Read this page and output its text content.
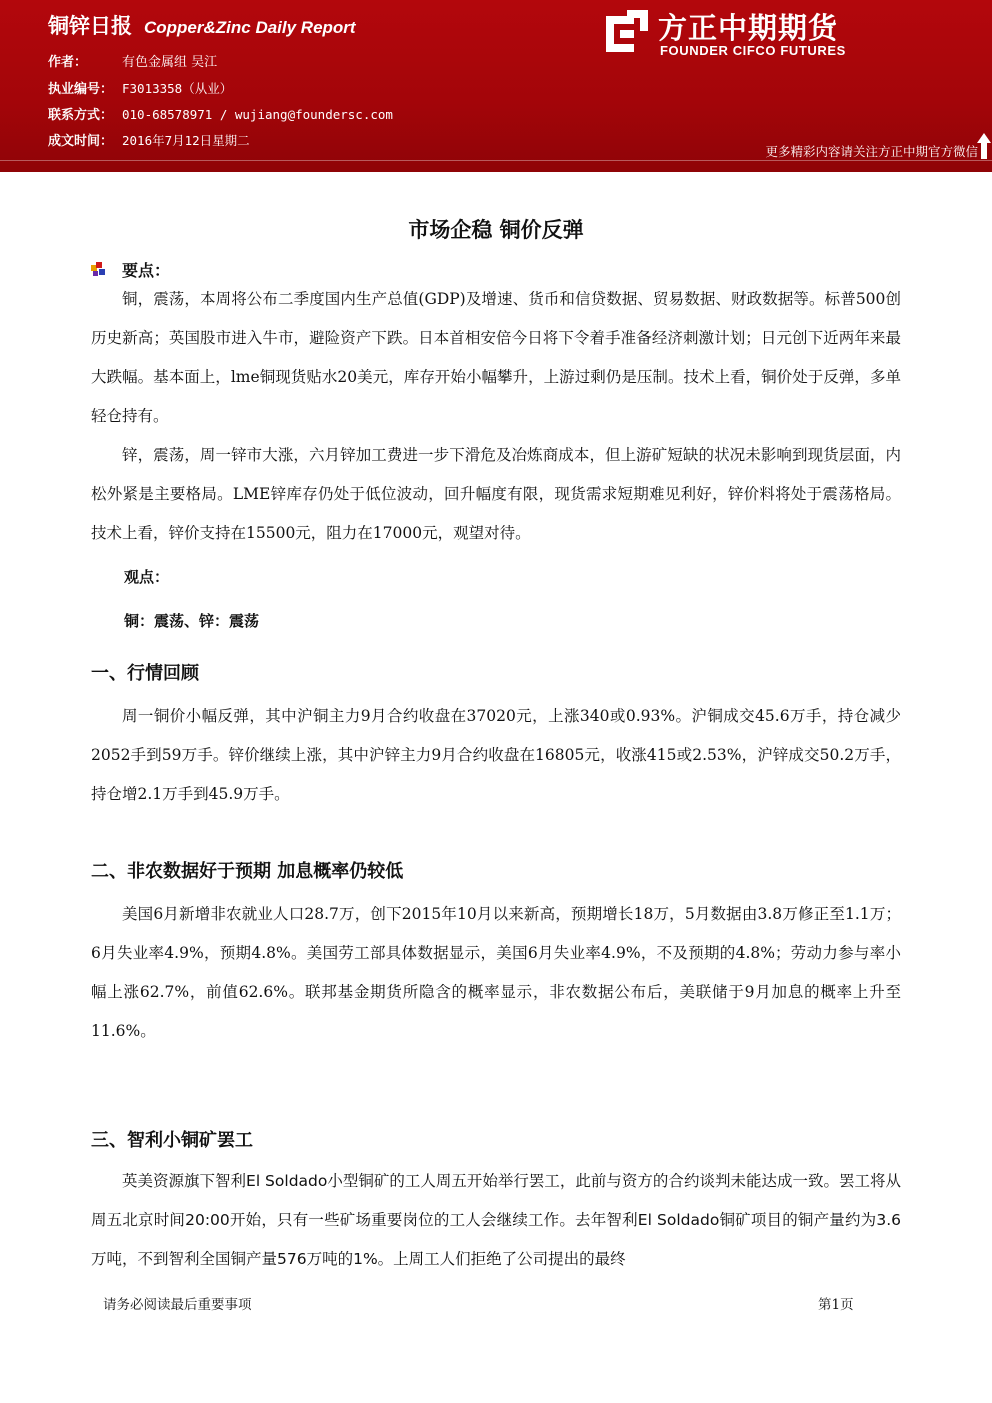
铜锌日报 Copper&Zinc Daily Report
作者：	有色金属组 吴江
执业编号： F3013358（从业）
联系方式： 010-68578971 / wujiang@foundersc.com
成文时间： 2016年7月12日星期二
方正中期期货
FOUNDER CIFCO FUTURES
更多精彩内容请关注方正中期官方微信
市场企稳 铜价反弹
要点：

铜，震荡，本周将公布二季度国内生产总值(GDP)及增速、货币和信贷数据、贸易数据、财政数据等。标普500创历史新高；英国股市进入牛市，避险资产下跌。日本首相安倍今日将下令着手准备经济刺激计划；日元创下近两年来最大跌幅。基本面上，lme铜现货贴水20美元，库存开始小幅攀升，上游过剩仍是压制。技术上看，铜价处于反弹，多单轻仓持有。

锌，震荡，周一锌市大涨，六月锌加工费进一步下滑危及冶炼商成本，但上游矿短缺的状况未影响到现货层面，内松外紧是主要格局。LME锌库存仍处于低位波动，回升幅度有限，现货需求短期难见利好，锌价料将处于震荡格局。技术上看，锌价支持在15500元，阻力在17000元，观望对待。

观点：
铜：震荡、锌：震荡
一、行情回顾

周一铜价小幅反弹，其中沪铜主力9月合约收盘在37020元，上涨340或0.93%。沪铜成交45.6万手，持仓减少2052手到59万手。锌价继续上涨，其中沪锌主力9月合约收盘在16805元，收涨415或2.53%，沪锌成交50.2万手，持仓增2.1万手到45.9万手。

二、非农数据好于预期 加息概率仍较低

美国6月新增非农就业人口28.7万，创下2015年10月以来新高，预期增长18万，5月数据由3.8万修正至1.1万；6月失业率4.9%，预期4.8%。美国劳工部具体数据显示，美国6月失业率4.9%，不及预期的4.8%；劳动力参与率小幅上涨62.7%，前值62.6%。联邦基金期货所隐含的概率显示，非农数据公布后，美联储于9月加息的概率上升至11.6%。

三、智利小铜矿罢工

英美资源旗下智利El Soldado小型铜矿的工人周五开始举行罢工，此前与资方的合约谈判未能达成一致。罢工将从周五北京时间20:00开始，只有一些矿场重要岗位的工人会继续工作。去年智利El Soldado铜矿项目的铜产量约为3.6万吨，不到智利全国铜产量576万吨的1%。上周工人们拒绝了公司提出的最终

请务必阅读最后重要事项	第1页
